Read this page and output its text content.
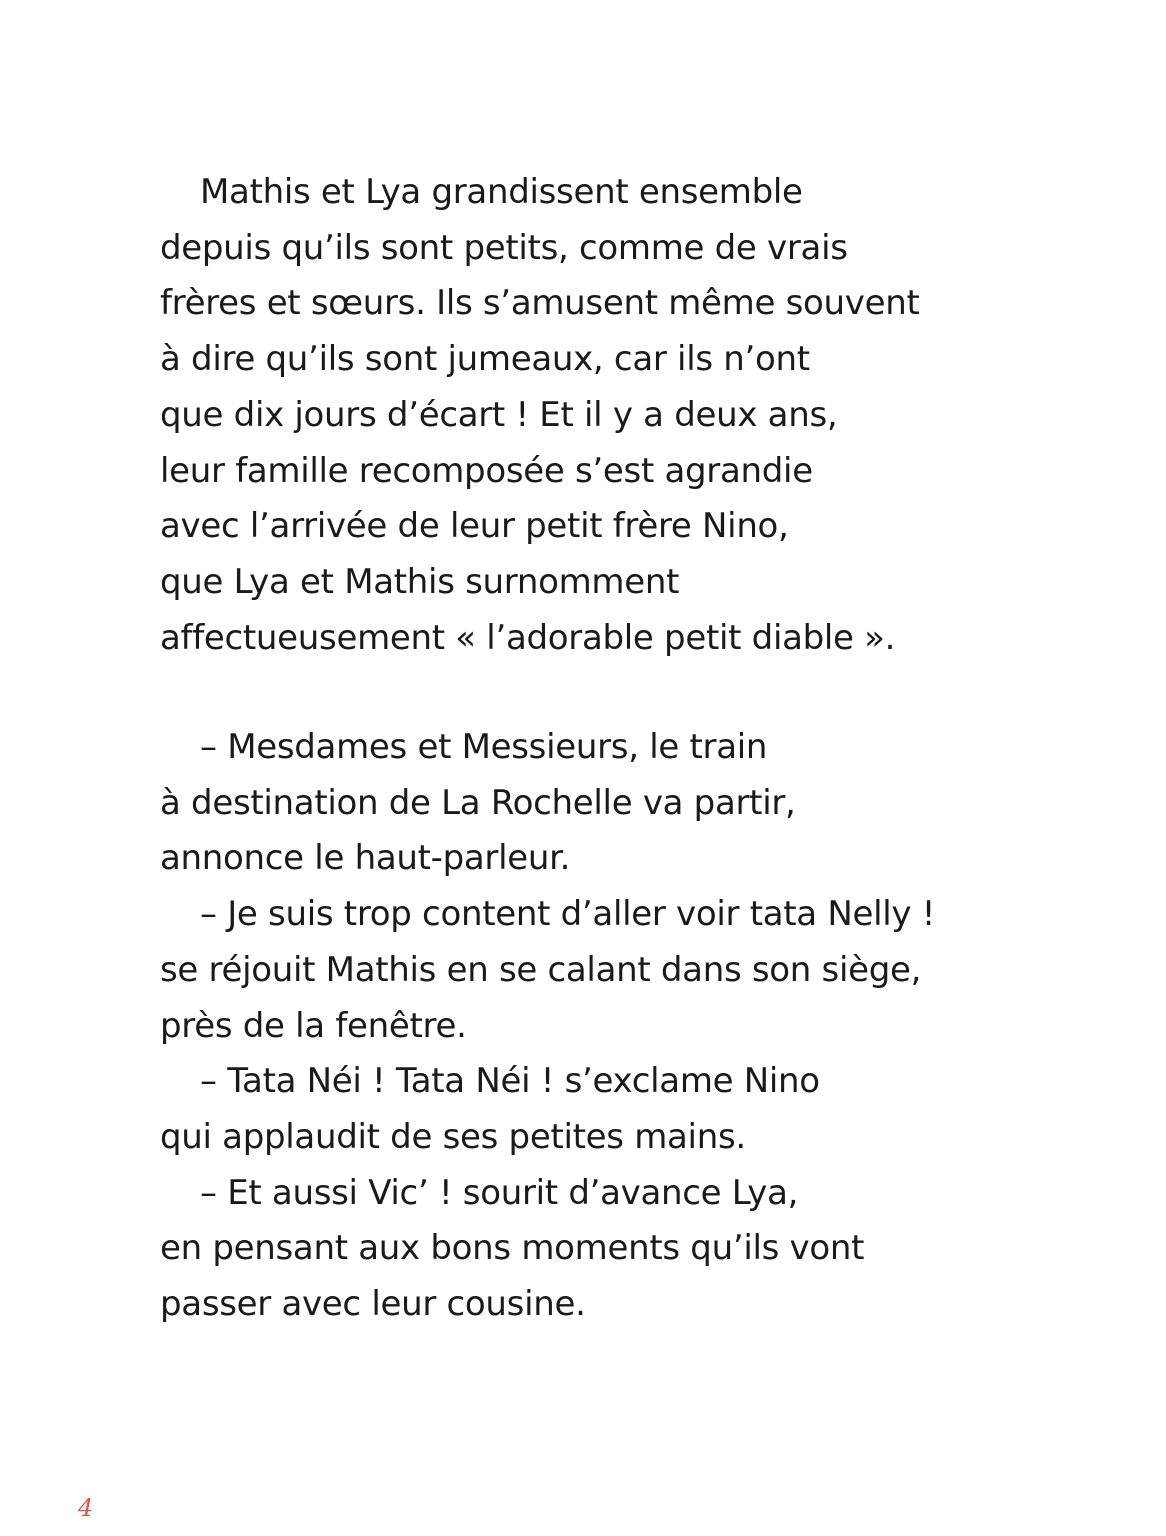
Mathis et Lya grandissent ensemble
depuis qu’ils sont petits, comme de vrais
frères et sœurs. Ils s’amusent même souvent
à dire qu’ils sont jumeaux, car ils n’ont
que dix jours d’écart ! Et il y a deux ans,
leur famille recomposée s’est agrandie
avec l’arrivée de leur petit frère Nino,
que Lya et Mathis surnomment
affectueusement « l’adorable petit diable ».
– Mesdames et Messieurs, le train
à destination de La Rochelle va partir,
annonce le haut-parleur.
– Je suis trop content d’aller voir tata Nelly !
se réjouit Mathis en se calant dans son siège,
près de la fenêtre.
– Tata Néi ! Tata Néi ! s’exclame Nino
qui applaudit de ses petites mains.
– Et aussi Vic’ ! sourit d’avance Lya,
en pensant aux bons moments qu’ils vont
passer avec leur cousine.
4
